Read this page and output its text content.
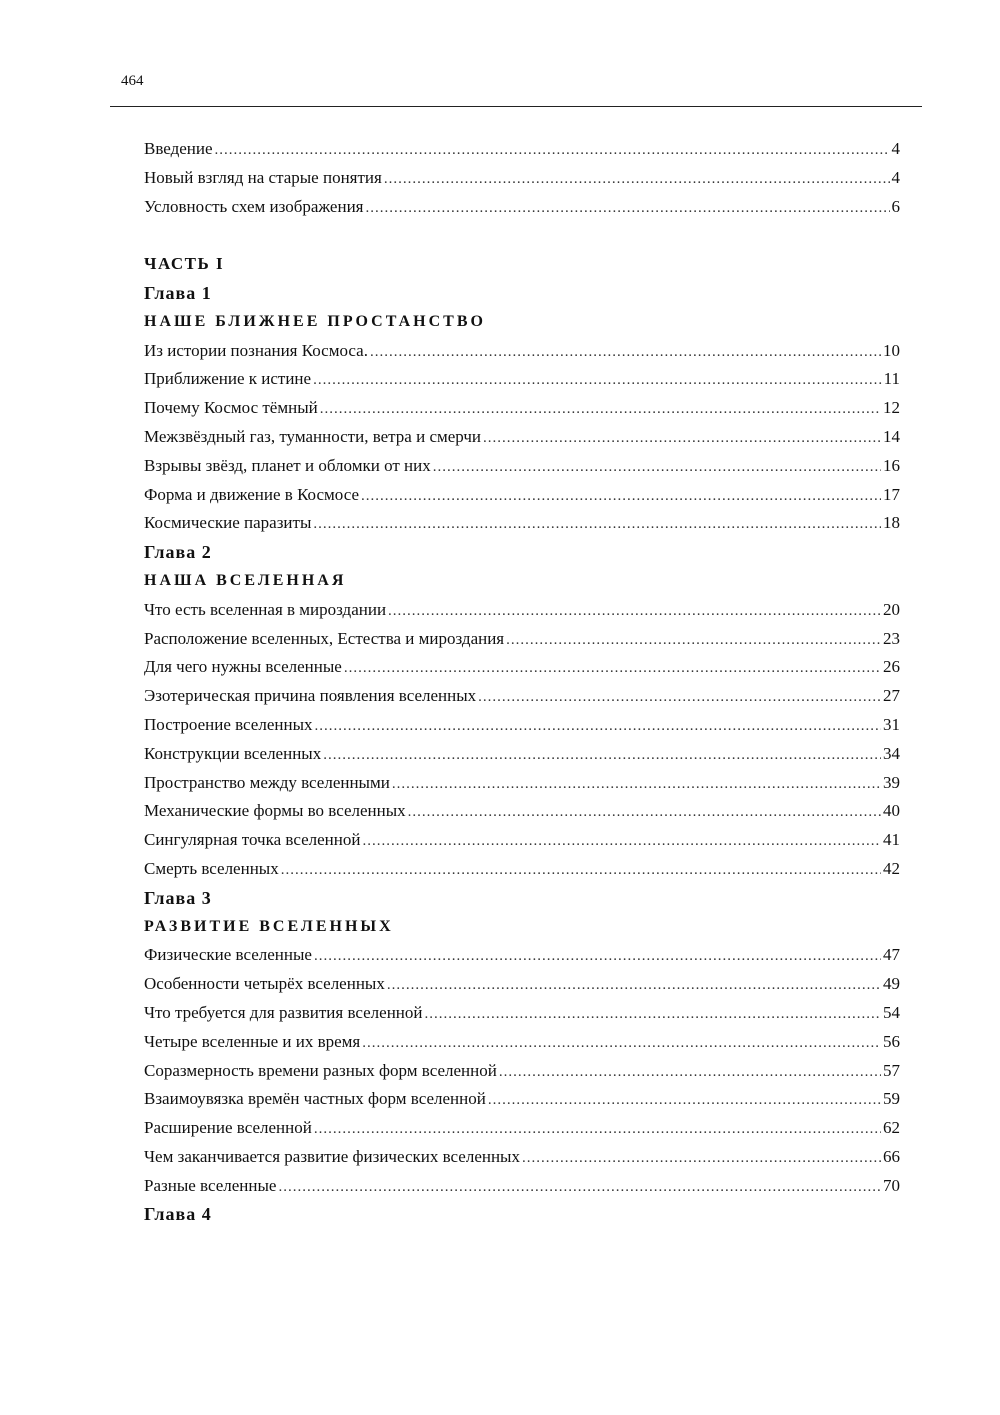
464
Введение .....	4
Новый взгляд на старые понятия .....	4
Условность схем изображения .....	6
ЧАСТЬ I
Глава 1
НАШЕ БЛИЖНЕЕ ПРОСТАНСТВО
Из истории познания Космоса. .....	10
Приближение к истине .....	11
Почему Космос тёмный .....	12
Межзвёздный газ, туманности, ветра и смерчи .....	14
Взрывы звёзд, планет и обломки от них .....	16
Форма и движение в Космосе .....	17
Космические паразиты .....	18
Глава 2
НАША ВСЕЛЕННАЯ
Что есть вселенная в мироздании .....	20
Расположение вселенных, Естества и мироздания .....	23
Для чего нужны вселенные .....	26
Эзотерическая причина появления вселенных .....	27
Построение вселенных .....	31
Конструкции вселенных .....	34
Пространство между вселенными .....	39
Механические формы во вселенных .....	40
Сингулярная точка вселенной .....	41
Смерть вселенных .....	42
Глава 3
РАЗВИТИЕ ВСЕЛЕННЫХ
Физические вселенные .....	47
Особенности четырёх вселенных .....	49
Что требуется для развития вселенной .....	54
Четыре вселенные и их время .....	56
Соразмерность времени разных форм вселенной .....	57
Взаимоувязка времён частных форм вселенной .....	59
Расширение вселенной .....	62
Чем заканчивается развитие физических вселенных .....	66
Разные вселенные .....	70
Глава 4
